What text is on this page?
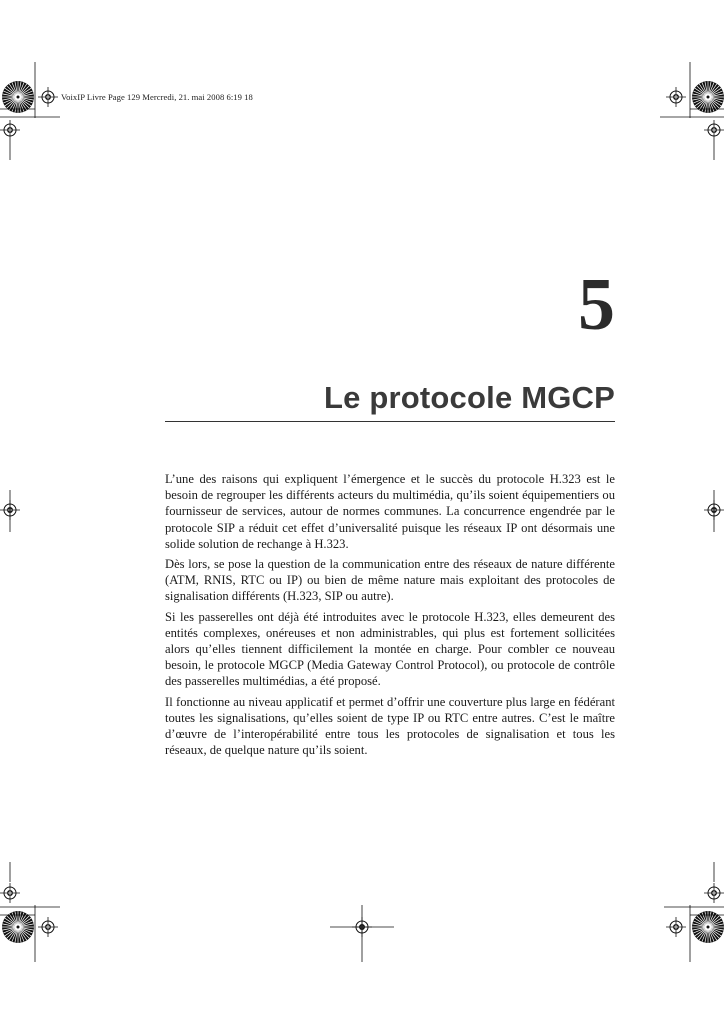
VoixIP Livre Page 129 Mercredi, 21. mai 2008 6:19 18
5
Le protocole MGCP

L’une des raisons qui expliquent l’émergence et le succès du protocole H.323 est le besoin de regrouper les différents acteurs du multimédia, qu’ils soient équipementiers ou fournisseur de services, autour de normes communes. La concurrence engendrée par le protocole SIP a réduit cet effet d’universalité puisque les réseaux IP ont désormais une solide solution de rechange à H.323.

Dès lors, se pose la question de la communication entre des réseaux de nature différente (ATM, RNIS, RTC ou IP) ou bien de même nature mais exploitant des protocoles de signalisation différents (H.323, SIP ou autre).

Si les passerelles ont déjà été introduites avec le protocole H.323, elles demeurent des entités complexes, onéreuses et non administrables, qui plus est fortement sollicitées alors qu’elles tiennent difficilement la montée en charge. Pour combler ce nouveau besoin, le protocole MGCP (Media Gateway Control Protocol), ou protocole de contrôle des passerelles multimédias, a été proposé.

Il fonctionne au niveau applicatif et permet d’offrir une couverture plus large en fédérant toutes les signalisations, qu’elles soient de type IP ou RTC entre autres. C’est le maître d’œuvre de l’interopérabilité entre tous les protocoles de signalisation et tous les réseaux, de quelque nature qu’ils soient.
